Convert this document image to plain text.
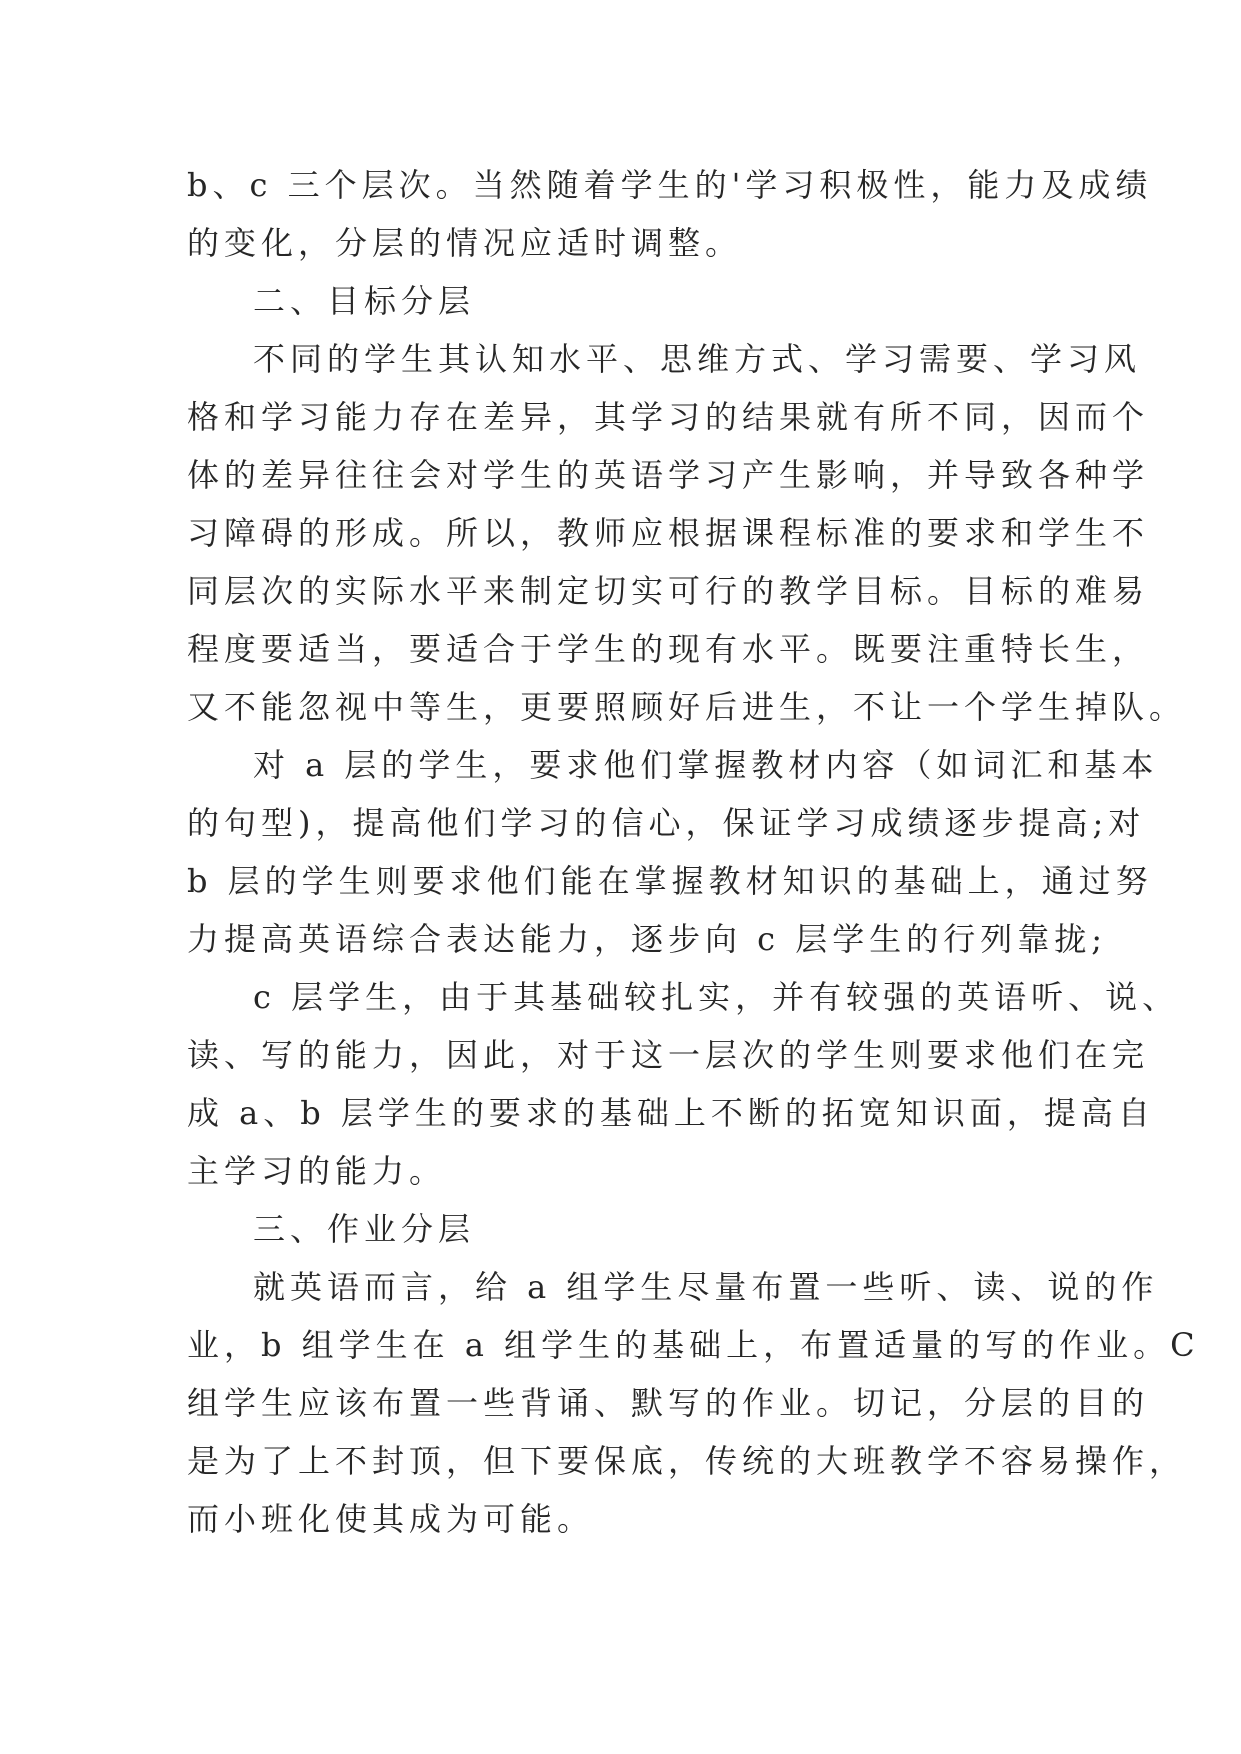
b、c 三个层次。当然随着学生的'学习积极性，能力及成绩
的变化，分层的情况应适时调整。
二、目标分层
不同的学生其认知水平、思维方式、学习需要、学习风
格和学习能力存在差异，其学习的结果就有所不同，因而个
体的差异往往会对学生的英语学习产生影响，并导致各种学
习障碍的形成。所以，教师应根据课程标准的要求和学生不
同层次的实际水平来制定切实可行的教学目标。目标的难易
程度要适当，要适合于学生的现有水平。既要注重特长生，
又不能忽视中等生，更要照顾好后进生，不让一个学生掉队。
对 a 层的学生，要求他们掌握教材内容（如词汇和基本
的句型)，提高他们学习的信心，保证学习成绩逐步提高;对
b 层的学生则要求他们能在掌握教材知识的基础上，通过努
力提高英语综合表达能力，逐步向 c 层学生的行列靠拢;
c 层学生，由于其基础较扎实，并有较强的英语听、说、
读、写的能力，因此，对于这一层次的学生则要求他们在完
成 a、b 层学生的要求的基础上不断的拓宽知识面，提高自
主学习的能力。
三、作业分层
就英语而言，给 a 组学生尽量布置一些听、读、说的作
业，b 组学生在 a 组学生的基础上，布置适量的写的作业。C
组学生应该布置一些背诵、默写的作业。切记，分层的目的
是为了上不封顶，但下要保底，传统的大班教学不容易操作，
而小班化使其成为可能。
